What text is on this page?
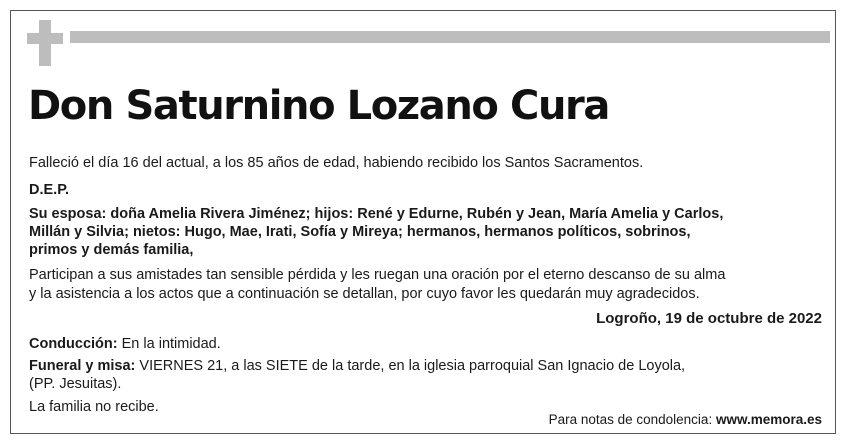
Don Saturnino Lozano Cura

Falleció el día 16 del actual, a los 85 años de edad, habiendo recibido los Santos Sacramentos.

D.E.P.

Su esposa: doña Amelia Rivera Jiménez; hijos: René y Edurne, Rubén y Jean, María Amelia y Carlos,

Millán y Silvia; nietos: Hugo, Mae, Irati, Sofía y Mireya; hermanos, hermanos políticos, sobrinos,

primos y demás familia,

Participan a sus amistades tan sensible pérdida y les ruegan una oración por el eterno descanso de su alma

y la asistencia a los actos que a continuación se detallan, por cuyo favor les quedarán muy agradecidos.

Logroño, 19 de octubre de 2022

Conducción: En la intimidad.

Funeral y misa: VIERNES 21, a las SIETE de la tarde, en la iglesia parroquial San Ignacio de Loyola,

(PP. Jesuitas).

La familia no recibe.

Para notas de condolencia: www.memora.es
